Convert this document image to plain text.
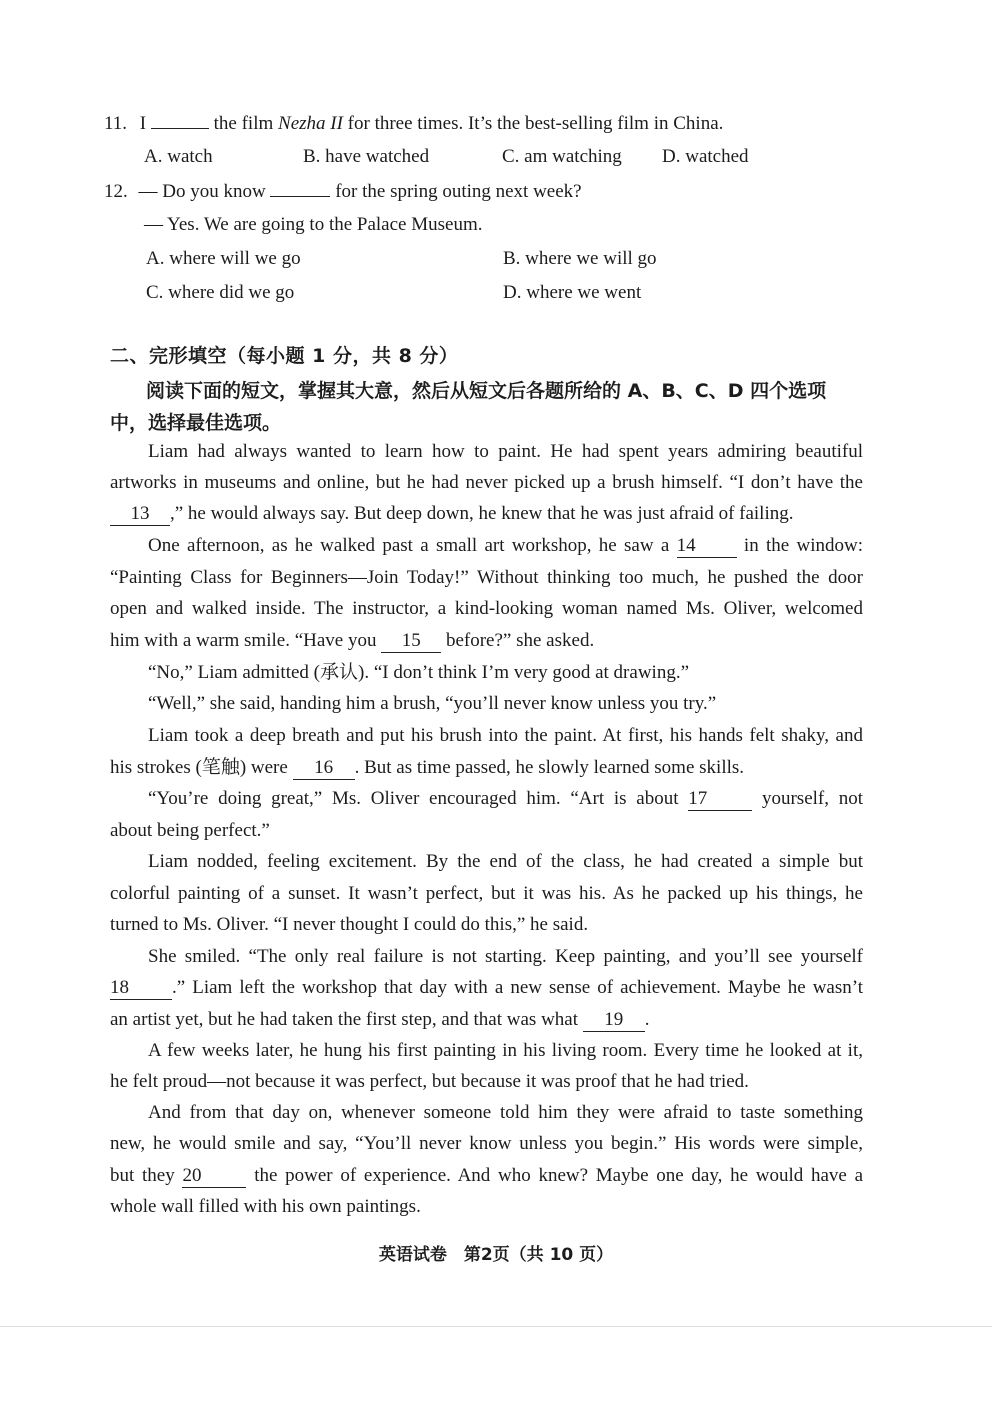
11. I	the film Nezha II for three times. It’s the best-selling film in China.
A. watch	B. have watched	C. am watching D. watched
12. — Do you know	for the spring outing next week?
— Yes. We are going to the Palace Museum.
A. where will we go	B. where we will go
C. where did we go	D. where we went
二、完形填空（每小题 1 分，共 8 分）
阅读下面的短文，掌握其大意，然后从短文后各题所给的 A、B、C、D 四个选项中，选择最佳选项。
Liam had always wanted to learn how to paint. He had spent years admiring beautiful
artworks in museums and online, but he had never picked up a brush himself. “I don’t have the
13 ,” he would always say. But deep down, he knew that he was just afraid of failing.
One afternoon, as he walked past a small art workshop, he saw a 14	in the window:
“Painting Class for Beginners—Join Today!” Without thinking too much, he pushed the door
open and walked inside. The instructor, a kind-looking woman named Ms. Oliver, welcomed
him with a warm smile. “Have you 15 before?” she asked.
“No,” Liam admitted (承认). “I don’t think I’m very good at drawing.”
“Well,” she said, handing him a brush, “you’ll never know unless you try.”
Liam took a deep breath and put his brush into the paint. At first, his hands felt shaky, and
his strokes (笔触) were 16 . But as time passed, he slowly learned some skills.
“You’re doing great,” Ms. Oliver encouraged him. “Art is about 17	yourself, not
about being perfect.”
Liam nodded, feeling excitement. By the end of the class, he had created a simple but
colorful painting of a sunset. It wasn’t perfect, but it was his. As he packed up his things, he
turned to Ms. Oliver. “I never thought I could do this,” he said.
She smiled. “The only real failure is not starting. Keep painting, and you’ll see yourself
18 .” Liam left the workshop that day with a new sense of achievement. Maybe he wasn’t
an artist yet, but he had taken the first step, and that was what 19 .
A few weeks later, he hung his first painting in his living room. Every time he looked at it,
he felt proud—not because it was perfect, but because it was proof that he had tried.
And from that day on, whenever someone told him they were afraid to taste something
new, he would smile and say, “You’ll never know unless you begin.” His words were simple,
but they 20	the power of experience. And who knew? Maybe one day, he would have a
whole wall filled with his own paintings.
英语试卷　第2页（共 10 页）
